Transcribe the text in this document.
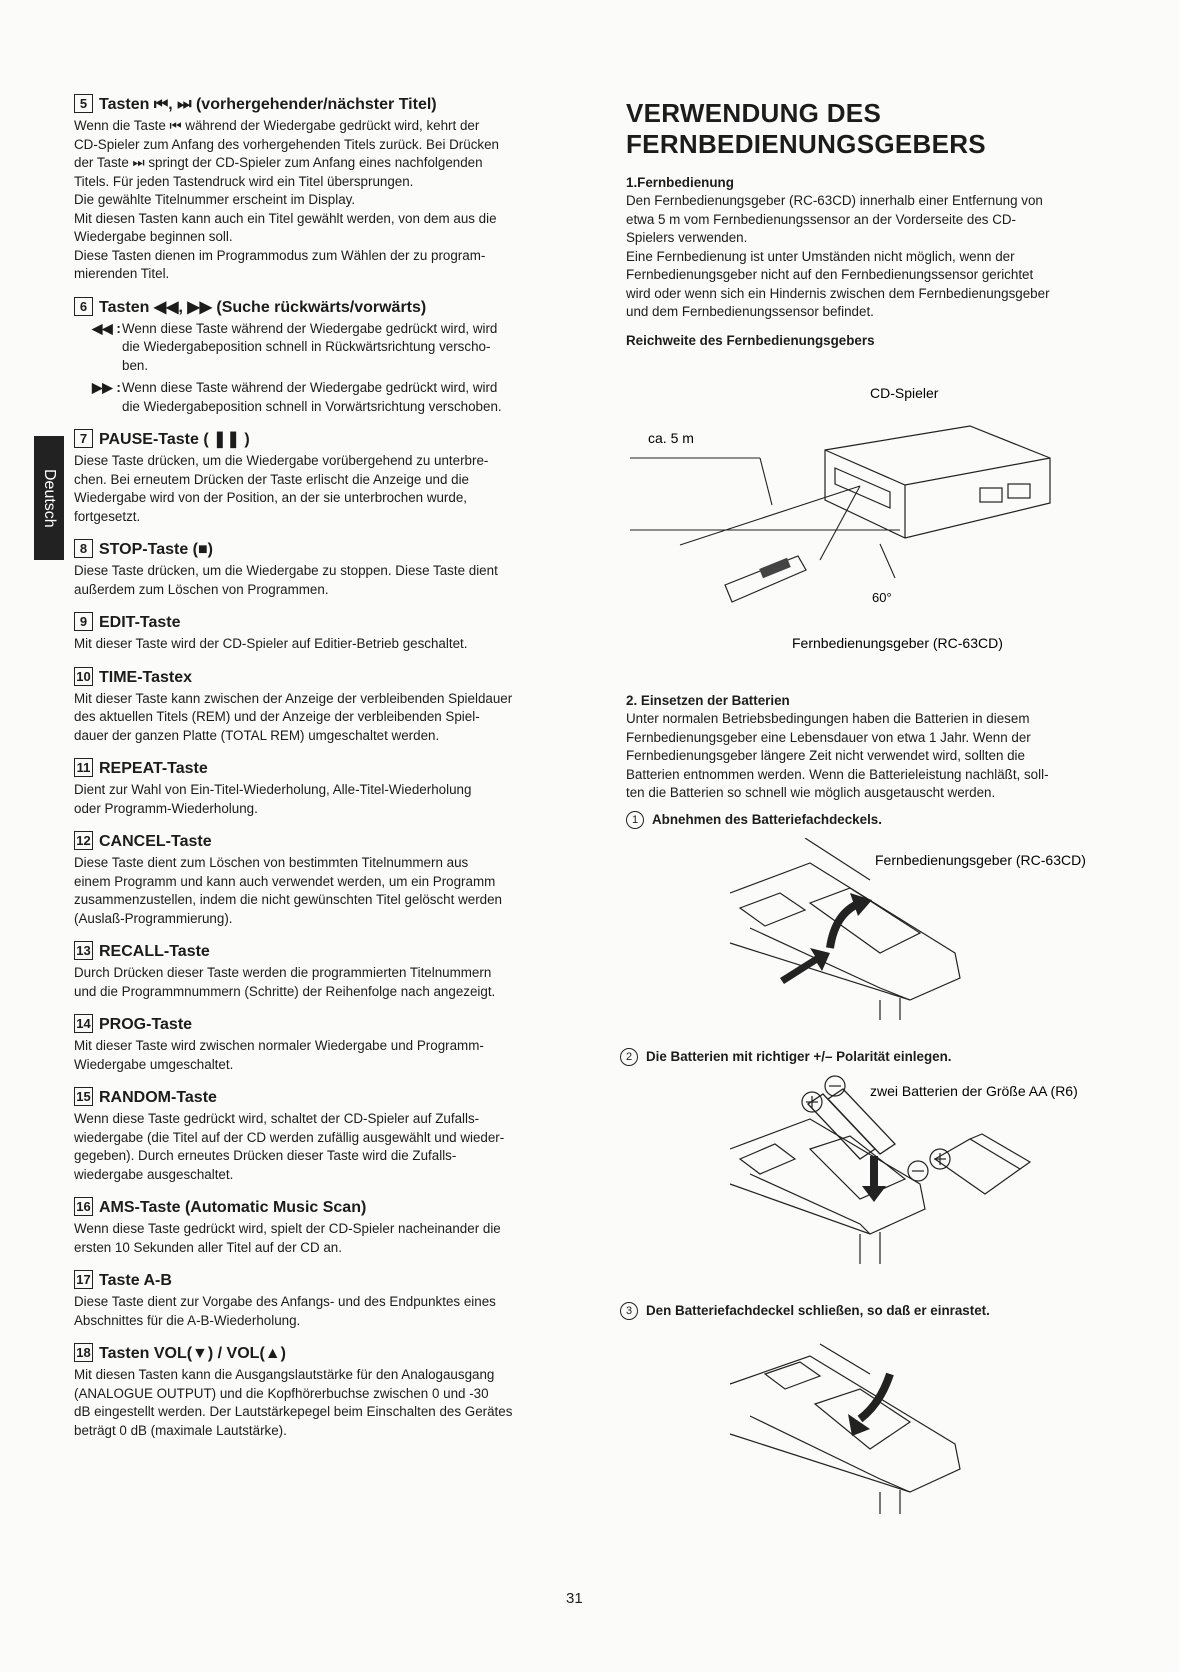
Deutsch
5 Tasten ⏮, ⏭ (vorhergehender/nächster Titel)
Wenn die Taste ⏮ während der Wiedergabe gedrückt wird, kehrt der
CD-Spieler zum Anfang des vorhergehenden Titels zurück. Bei Drücken
der Taste ⏭ springt der CD-Spieler zum Anfang eines nachfolgenden
Titels. Für jeden Tastendruck wird ein Titel übersprungen.
Die gewählte Titelnummer erscheint im Display.
Mit diesen Tasten kann auch ein Titel gewählt werden, von dem aus die
Wiedergabe beginnen soll.
Diese Tasten dienen im Programmodus zum Wählen der zu program-
mierenden Titel.
6 Tasten ◀◀, ▶▶ (Suche rückwärts/vorwärts)
◀◀ : Wenn diese Taste während der Wiedergabe gedrückt wird, wird
die Wiedergabeposition schnell in Rückwärtsrichtung verscho-
ben.
▶▶ : Wenn diese Taste während der Wiedergabe gedrückt wird, wird
die Wiedergabeposition schnell in Vorwärtsrichtung verschoben.
7 PAUSE-Taste ( ❚❚ )
Diese Taste drücken, um die Wiedergabe vorübergehend zu unterbre-
chen. Bei erneutem Drücken der Taste erlischt die Anzeige und die
Wiedergabe wird von der Position, an der sie unterbrochen wurde,
fortgesetzt.
8 STOP-Taste (■)
Diese Taste drücken, um die Wiedergabe zu stoppen. Diese Taste dient
außerdem zum Löschen von Programmen.
9 EDIT-Taste
Mit dieser Taste wird der CD-Spieler auf Editier-Betrieb geschaltet.
10 TIME-Tastex
Mit dieser Taste kann zwischen der Anzeige der verbleibenden Spieldauer
des aktuellen Titels (REM) und der Anzeige der verbleibenden Spiel-
dauer der ganzen Platte (TOTAL REM) umgeschaltet werden.
11 REPEAT-Taste
Dient zur Wahl von Ein-Titel-Wiederholung, Alle-Titel-Wiederholung
oder Programm-Wiederholung.
12 CANCEL-Taste
Diese Taste dient zum Löschen von bestimmten Titelnummern aus
einem Programm und kann auch verwendet werden, um ein Programm
zusammenzustellen, indem die nicht gewünschten Titel gelöscht werden
(Auslaß-Programmierung).
13 RECALL-Taste
Durch Drücken dieser Taste werden die programmierten Titelnummern
und die Programmnummern (Schritte) der Reihenfolge nach angezeigt.
14 PROG-Taste
Mit dieser Taste wird zwischen normaler Wiedergabe und Programm-
Wiedergabe umgeschaltet.
15 RANDOM-Taste
Wenn diese Taste gedrückt wird, schaltet der CD-Spieler auf Zufalls-
wiedergabe (die Titel auf der CD werden zufällig ausgewählt und wieder-
gegeben). Durch erneutes Drücken dieser Taste wird die Zufalls-
wiedergabe ausgeschaltet.
16 AMS-Taste (Automatic Music Scan)
Wenn diese Taste gedrückt wird, spielt der CD-Spieler nacheinander die
ersten 10 Sekunden aller Titel auf der CD an.
17 Taste A-B
Diese Taste dient zur Vorgabe des Anfangs- und des Endpunktes eines
Abschnittes für die A-B-Wiederholung.
18 Tasten VOL(▼) / VOL(▲)
Mit diesen Tasten kann die Ausgangslautstärke für den Analogausgang
(ANALOGUE OUTPUT) und die Kopfhörerbuchse zwischen 0 und -30
dB eingestellt werden. Der Lautstärkepegel beim Einschalten des Gerätes
beträgt 0 dB (maximale Lautstärke).
VERWENDUNG DES
FERNBEDIENUNGSGEBERS
1.Fernbedienung
Den Fernbedienungsgeber (RC-63CD) innerhalb einer Entfernung von
etwa 5 m vom Fernbedienungssensor an der Vorderseite des CD-
Spielers verwenden.
Eine Fernbedienung ist unter Umständen nicht möglich, wenn der
Fernbedienungsgeber nicht auf den Fernbedienungssensor gerichtet
wird oder wenn sich ein Hindernis zwischen dem Fernbedienungsgeber
und dem Fernbedienungssensor befindet.
Reichweite des Fernbedienungsgebers
CD-Spieler
ca. 5 m
60°
Fernbedienungsgeber (RC-63CD)
2. Einsetzen der Batterien
Unter normalen Betriebsbedingungen haben die Batterien in diesem
Fernbedienungsgeber eine Lebensdauer von etwa 1 Jahr. Wenn der
Fernbedienungsgeber längere Zeit nicht verwendet wird, sollten die
Batterien entnommen werden. Wenn die Batterieleistung nachläßt, soll-
ten die Batterien so schnell wie möglich ausgetauscht werden.
1	Abnehmen des Batteriefachdeckels.
Fernbedienungsgeber (RC-63CD)
2	Die Batterien mit richtiger +/– Polarität einlegen.
zwei Batterien der Größe AA (R6)
3	Den Batteriefachdeckel schließen, so daß er einrastet.
31
